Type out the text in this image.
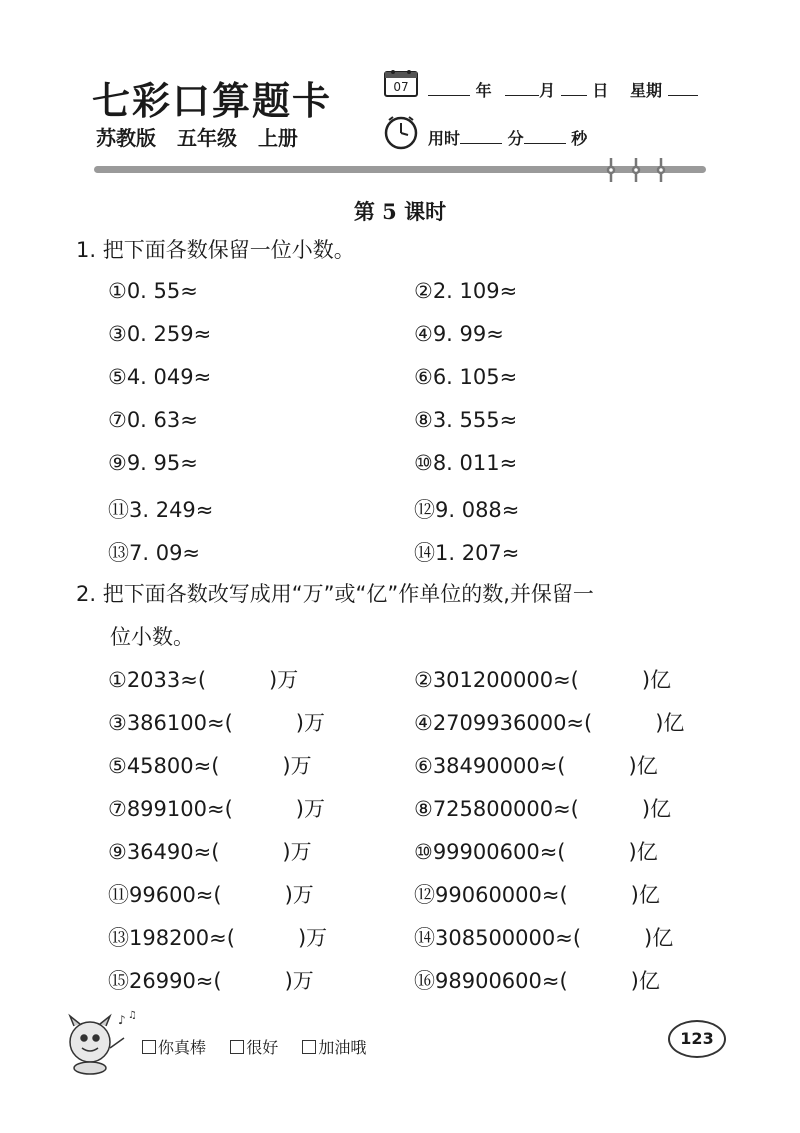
七彩口算题卡
苏教版 五年级 上册
07	年	月 日 星期
用时	分	秒
第 5 课时
1. 把下面各数保留一位小数。
①0. 55≈	②2. 109≈
③0. 259≈	④9. 99≈
⑤4. 049≈	⑥6. 105≈
⑦0. 63≈	⑧3. 555≈
⑨9. 95≈	⑩8. 011≈
⑪3. 249≈	⑫9. 088≈
⑬7. 09≈	⑭1. 207≈
2. 把下面各数改写成用“万”或“亿”作单位的数,并保留一
位小数。
①2033≈(　　　)万	②301200000≈(　　　)亿
③386100≈(　　　)万	④2709936000≈(　　　)亿
⑤45800≈(　　　)万	⑥38490000≈(　　　)亿
⑦899100≈(　　　)万	⑧725800000≈(　　　)亿
⑨36490≈(　　　)万	⑩99900600≈(　　　)亿
⑪99600≈(　　　)万	⑫99060000≈(　　　)亿
⑬198200≈(　　　)万	⑭308500000≈(　　　)亿
⑮26990≈(　　　)万	⑯98900600≈(　　　)亿
♪ ♫
你真棒	很好	加油哦	123
